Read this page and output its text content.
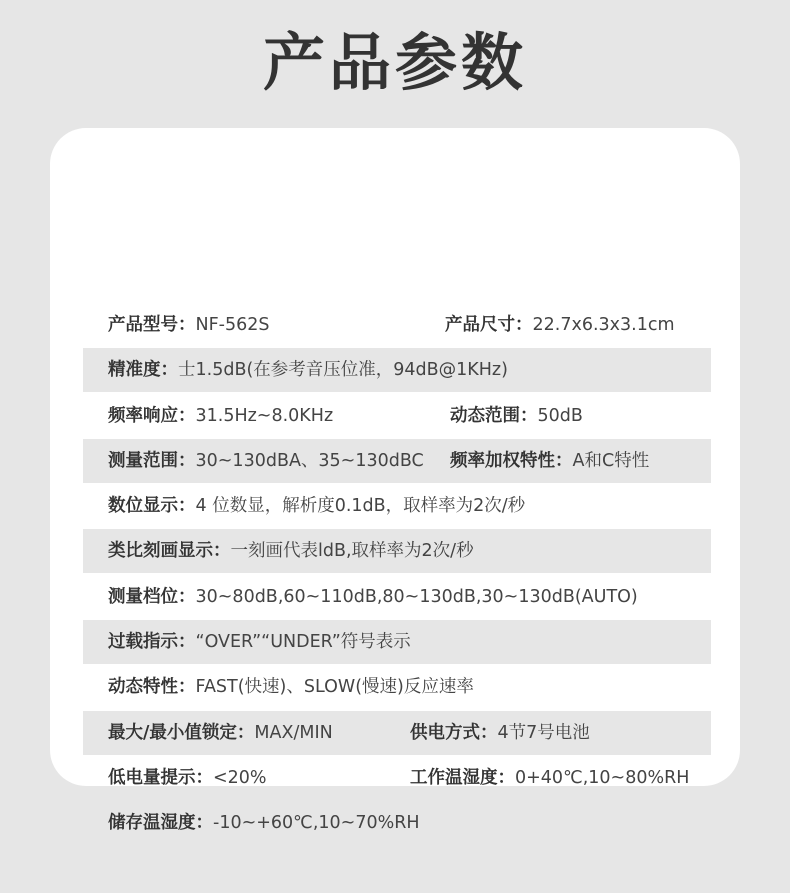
产品参数
产品型号：NF-562S	产品尺寸：22.7x6.3x3.1cm
精准度：士1.5dB(在参考音压位准，94dB@1KHz)
频率响应：31.5Hz~8.0KHz	动态范围：50dB
测量范围：30~130dBA、35~130dBC 频率加权特性：A和C特性
数位显示：4 位数显，解析度0.1dB，取样率为2次/秒
类比刻画显示：一刻画代表ldB,取样率为2次/秒
测量档位：30~80dB,60~110dB,80~130dB,30~130dB(AUTO)
过载指示：“OVER”“UNDER”符号表示
动态特性：FAST(快速)、SLOW(慢速)反应速率
最大/最小值锁定：MAX/MIN	供电方式：4节7号电池
低电量提示：<20%	工作温湿度：0+40℃,10~80%RH
储存温湿度：-10~+60℃,10~70%RH
